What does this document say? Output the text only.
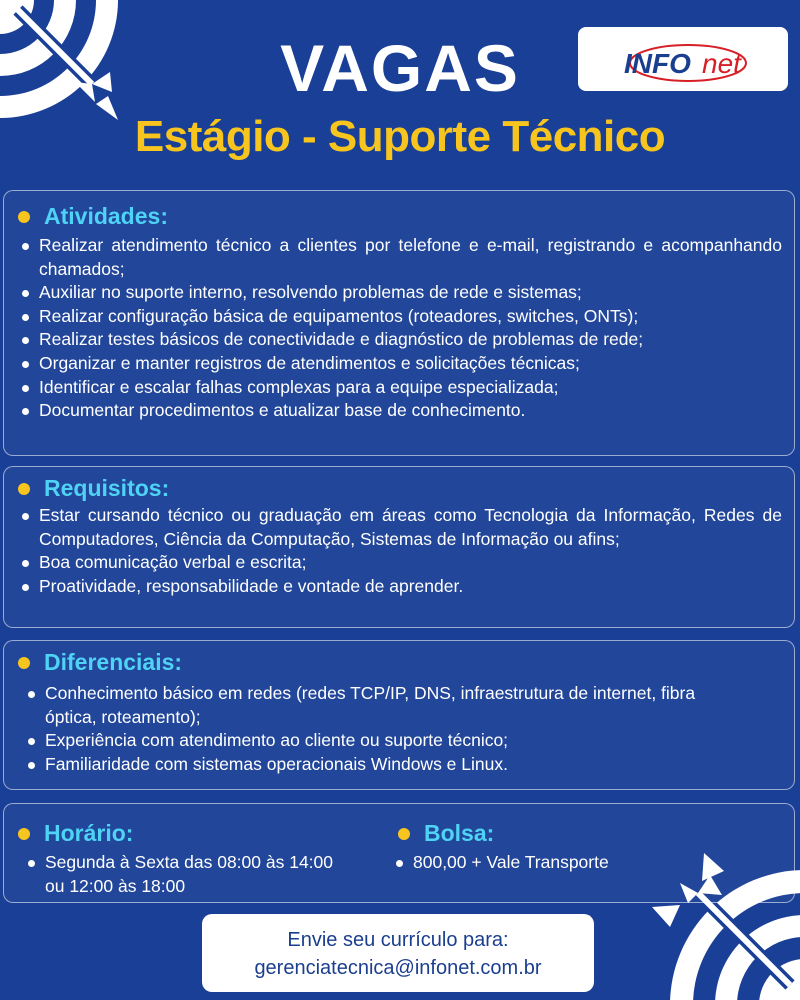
VAGAS
Estágio - Suporte Técnico
INFO net
Atividades:
Realizar atendimento técnico a clientes por telefone e e-mail, registrando e acompanhando chamados;
Auxiliar no suporte interno, resolvendo problemas de rede e sistemas;
Realizar configuração básica de equipamentos (roteadores, switches, ONTs);
Realizar testes básicos de conectividade e diagnóstico de problemas de rede;
Organizar e manter registros de atendimentos e solicitações técnicas;
Identificar e escalar falhas complexas para a equipe especializada;
Documentar procedimentos e atualizar base de conhecimento.
Requisitos:
Estar cursando técnico ou graduação em áreas como Tecnologia da Informação, Redes de Computadores, Ciência da Computação, Sistemas de Informação ou afins;
Boa comunicação verbal e escrita;
Proatividade, responsabilidade e vontade de aprender.
Diferenciais:
Conhecimento básico em redes (redes TCP/IP, DNS, infraestrutura de internet, fibra óptica, roteamento);
Experiência com atendimento ao cliente ou suporte técnico;
Familiaridade com sistemas operacionais Windows e Linux.
Horário:
Segunda à Sexta das 08:00 às 14:00 ou 12:00 às 18:00
Bolsa:
800,00 + Vale Transporte
Envie seu currículo para:
gerenciatecnica@infonet.com.br
